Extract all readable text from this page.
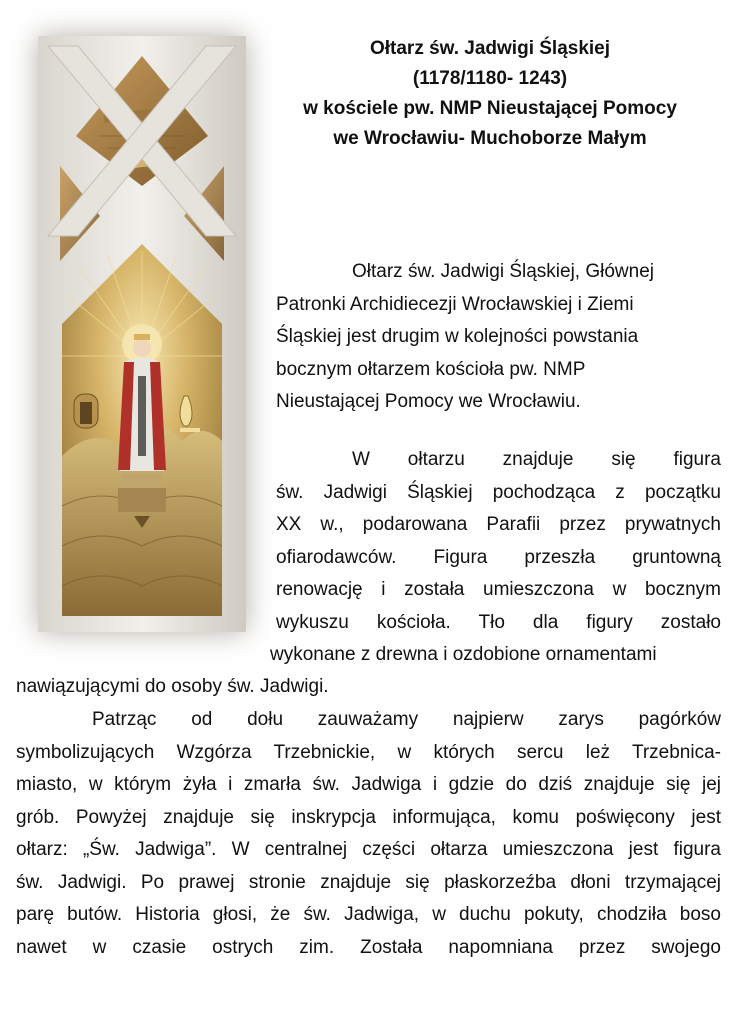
Ołtarz św. Jadwigi Śląskiej
(1178/1180- 1243)
w kościele pw. NMP Nieustającej Pomocy
we Wrocławiu- Muchoborze Małym
Ołtarz św. Jadwigi Śląskiej, Głównej
Patronki Archidiecezji Wrocławskiej i Ziemi
Śląskiej jest drugim w kolejności powstania
bocznym ołtarzem kościoła pw. NMP
Nieustającej Pomocy we Wrocławiu.
W ołtarzu znajduje się figura
św. Jadwigi Śląskiej pochodząca z początku
XX w., podarowana Parafii przez prywatnych
ofiarodawców. Figura przeszła gruntowną
renowację i została umieszczona w bocznym
wykuszu kościoła. Tło dla figury zostało
wykonane z drewna i ozdobione ornamentami
nawiązującymi do osoby św. Jadwigi.
Patrząc od dołu zauważamy najpierw zarys pagórków
symbolizujących Wzgórza Trzebnickie, w których sercu leż Trzebnica-
miasto, w którym żyła i zmarła św. Jadwiga i gdzie do dziś znajduje się jej
grób. Powyżej znajduje się inskrypcja informująca, komu poświęcony jest
ołtarz: „Św. Jadwiga”. W centralnej części ołtarza umieszczona jest figura
św. Jadwigi. Po prawej stronie znajduje się płaskorzeźba dłoni trzymającej
parę butów. Historia głosi, że św. Jadwiga, w duchu pokuty, chodziła boso
nawet w czasie ostrych zim. Została napomniana przez swojego
